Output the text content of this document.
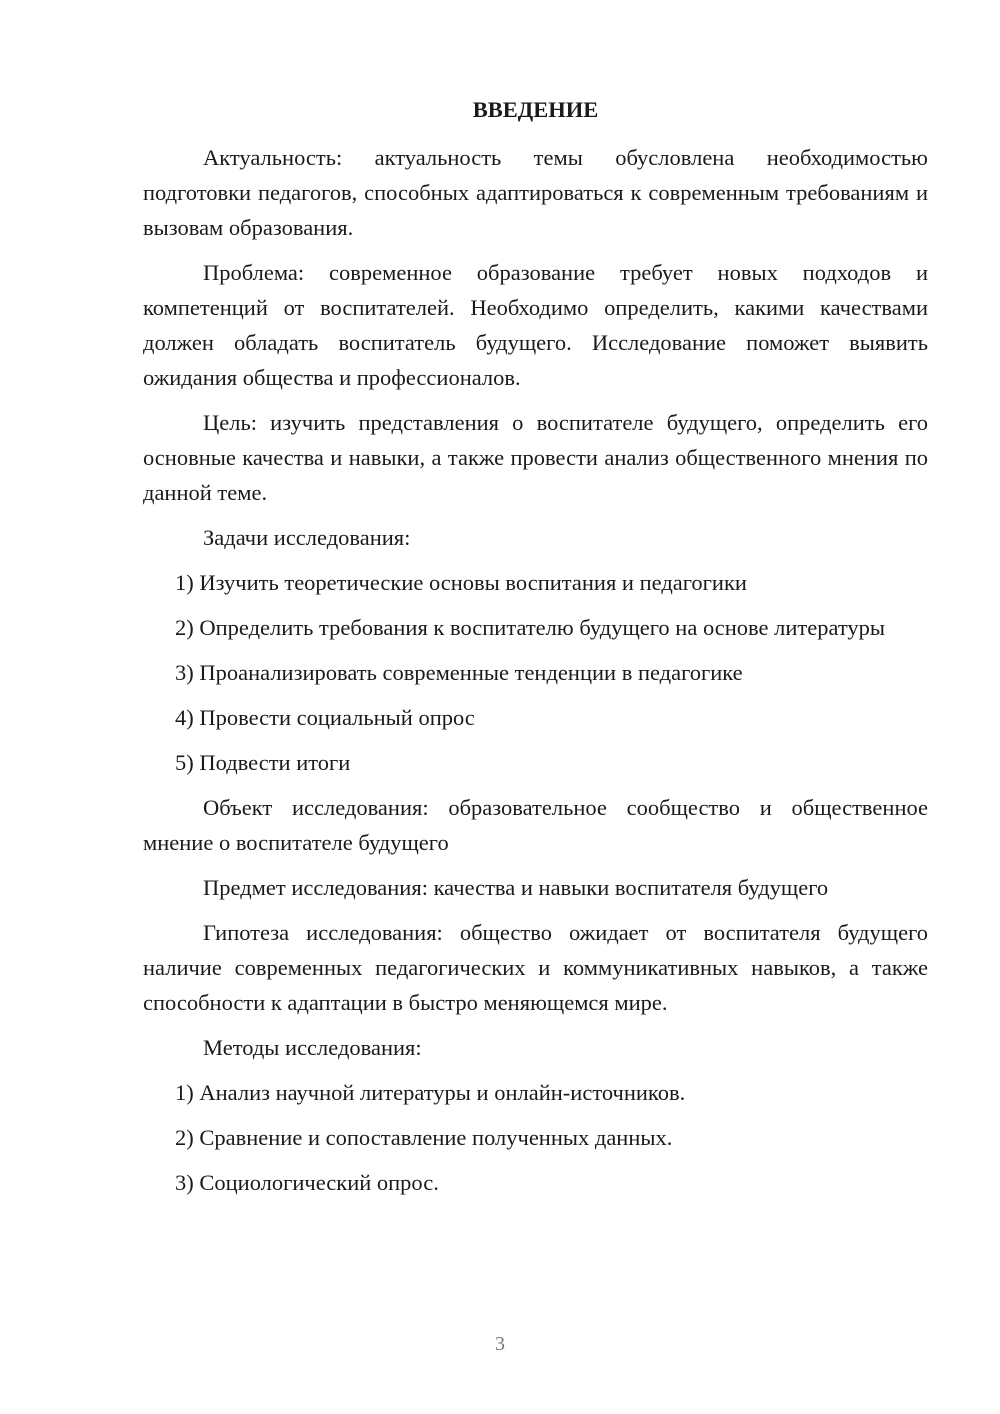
ВВЕДЕНИЕ
Актуальность: актуальность темы обусловлена необходимостью подготовки педагогов, способных адаптироваться к современным требованиям и вызовам образования.
Проблема: современное образование требует новых подходов и компетенций от воспитателей. Необходимо определить, какими качествами должен обладать воспитатель будущего. Исследование поможет выявить ожидания общества и профессионалов.
Цель: изучить представления о воспитателе будущего, определить его основные качества и навыки, а также провести анализ общественного мнения по данной теме.
Задачи исследования:
1) Изучить теоретические основы воспитания и педагогики
2) Определить требования к воспитателю будущего на основе литературы
3) Проанализировать современные тенденции в педагогике
4) Провести социальный опрос
5) Подвести итоги
Объект исследования: образовательное сообщество и общественное мнение о воспитателе будущего
Предмет исследования: качества и навыки воспитателя будущего
Гипотеза исследования: общество ожидает от воспитателя будущего наличие современных педагогических и коммуникативных навыков, а также способности к адаптации в быстро меняющемся мире.
Методы исследования:
1) Анализ научной литературы и онлайн-источников.
2) Сравнение и сопоставление полученных данных.
3) Социологический опрос.
3
